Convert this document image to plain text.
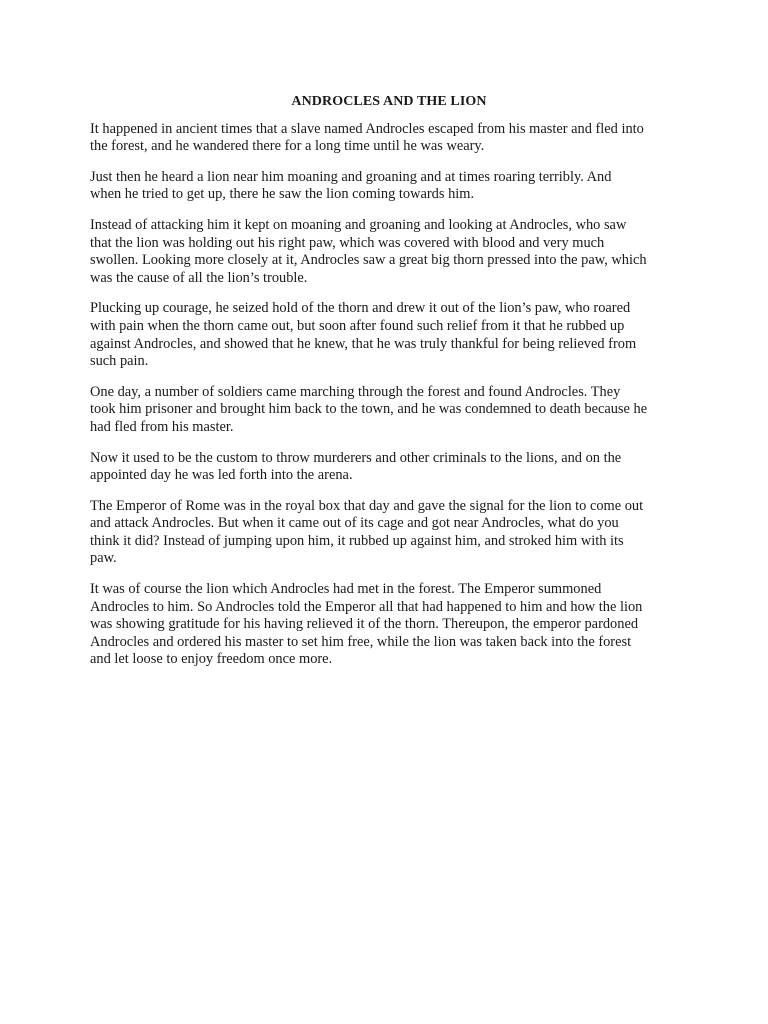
ANDROCLES AND THE LION

It happened in ancient times that a slave named Androcles escaped from his master and fled into
the forest, and he wandered there for a long time until he was weary.

Just then he heard a lion near him moaning and groaning and at times roaring terribly. And
when he tried to get up, there he saw the lion coming towards him.

Instead of attacking him it kept on moaning and groaning and looking at Androcles, who saw
that the lion was holding out his right paw, which was covered with blood and very much
swollen. Looking more closely at it, Androcles saw a great big thorn pressed into the paw, which
was the cause of all the lion’s trouble.

Plucking up courage, he seized hold of the thorn and drew it out of the lion’s paw, who roared
with pain when the thorn came out, but soon after found such relief from it that he rubbed up
against Androcles, and showed that he knew, that he was truly thankful for being relieved from
such pain.

One day, a number of soldiers came marching through the forest and found Androcles. They
took him prisoner and brought him back to the town, and he was condemned to death because he
had fled from his master.

Now it used to be the custom to throw murderers and other criminals to the lions, and on the
appointed day he was led forth into the arena.

The Emperor of Rome was in the royal box that day and gave the signal for the lion to come out
and attack Androcles. But when it came out of its cage and got near Androcles, what do you
think it did? Instead of jumping upon him, it rubbed up against him, and stroked him with its
paw.

It was of course the lion which Androcles had met in the forest. The Emperor summoned
Androcles to him. So Androcles told the Emperor all that had happened to him and how the lion
was showing gratitude for his having relieved it of the thorn. Thereupon, the emperor pardoned
Androcles and ordered his master to set him free, while the lion was taken back into the forest
and let loose to enjoy freedom once more.
